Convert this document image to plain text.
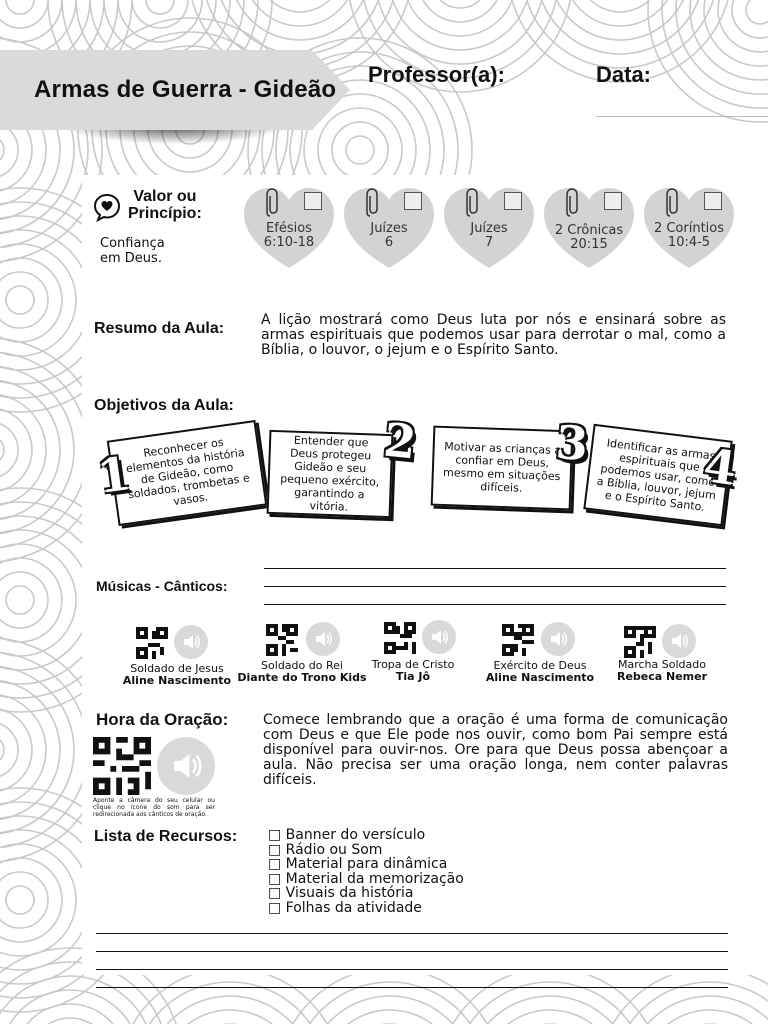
Armas de Guerra - Gideão
Professor(a):	Data:
Valor ou
Princípio:
Confiança
em Deus.
Efésios
6:10-18
Juízes
6
Juízes
7
2 Crônicas
20:15
2 Coríntios
10:4-5
Resumo da Aula:	A lição mostrará como Deus luta por nós e ensinará sobre as armas espirituais que podemos usar para derrotar o mal, como a Bíblia, o louvor, o jejum e o Espírito Santo.
Objetivos da Aula:
1 Reconhecer os elementos da história de Gideão, como soldados, trombetas e vasos.
Entender que Deus protegeu Gideão e seu pequeno exército, garantindo a vitória.
2	Motivar as crianças a confiar em Deus, mesmo em situações difíceis.
3	Identificar as armas espirituais que podemos usar, como a Bíblia, louvor, jejum e o Espírito Santo.
4
Músicas - Cânticos:
Soldado de Jesus
Aline Nascimento
Soldado do Rei
Diante do Trono Kids
Tropa de Cristo
Tia Jô
Exército de Deus
Aline Nascimento
Marcha Soldado
Rebeca Nemer
Hora da Oração:
Aponte a câmera do seu celular ou clique no ícone do som para ser redirecionada aos cânticos de oração.
Comece lembrando que a oração é uma forma de comunicação com Deus e que Ele pode nos ouvir, como bom Pai sempre está disponível para ouvir-nos. Ore para que Deus possa abençoar a aula. Não precisa ser uma oração longa, nem conter palavras difíceis.
Lista de Recursos: □ Banner do versículo
□ Rádio ou Som
□ Material para dinâmica
□ Material da memorização
□ Visuais da história
□ Folhas da atividade
